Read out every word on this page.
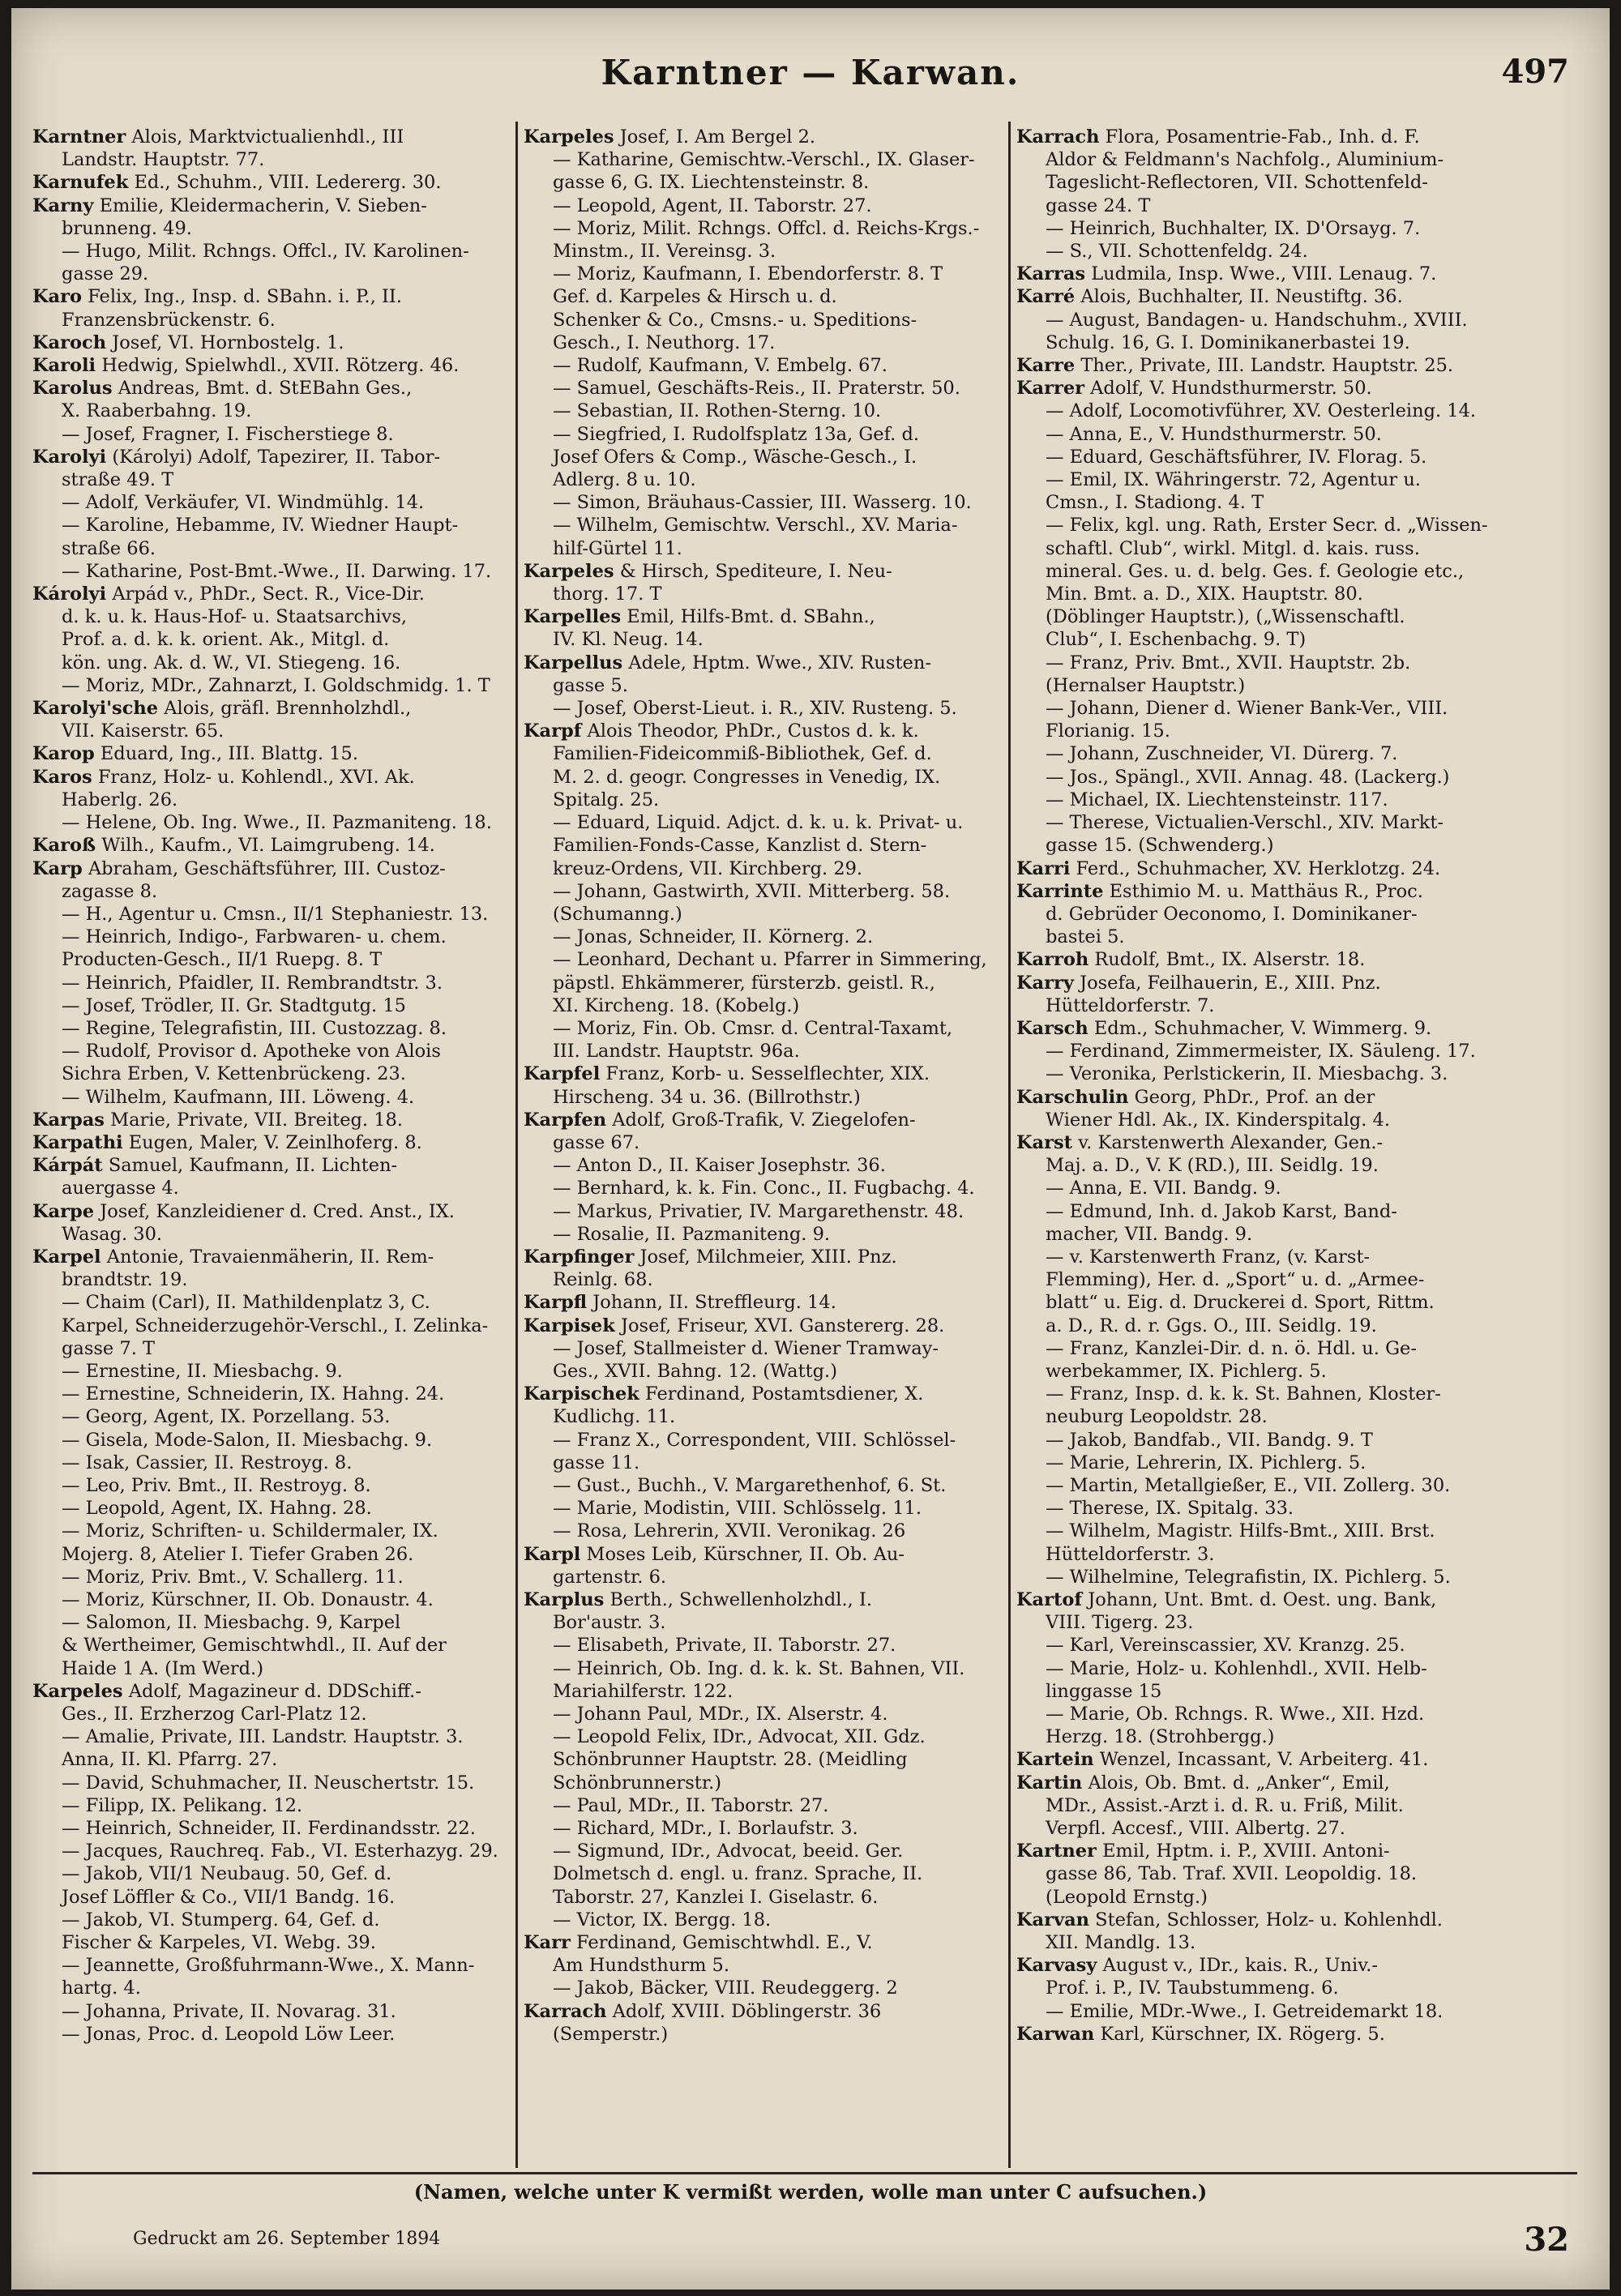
Karntner — Karwan.	497
Karntner Alois, Marktvictualienhdl., III
Landstr. Hauptstr. 77.
Karnufek Ed., Schuhm., VIII. Ledererg. 30.
Karny Emilie, Kleidermacherin, V. Sieben-
brunneng. 49.
— Hugo, Milit. Rchngs. Offcl., IV. Karolinen-
gasse 29.
Karo Felix, Ing., Insp. d. SBahn. i. P., II.
Franzensbrückenstr. 6.
Karoch Josef, VI. Hornbostelg. 1.
Karoli Hedwig, Spielwhdl., XVII. Rötzerg. 46.
Karolus Andreas, Bmt. d. StEBahn Ges.,
X. Raaberbahng. 19.
— Josef, Fragner, I. Fischerstiege 8.
Karolyi (Károlyi) Adolf, Tapezirer, II. Tabor-
straße 49. T
— Adolf, Verkäufer, VI. Windmühlg. 14.
— Karoline, Hebamme, IV. Wiedner Haupt-
straße 66.
— Katharine, Post-Bmt.-Wwe., II. Darwing. 17.
Károlyi Arpád v., PhDr., Sect. R., Vice-Dir.
d. k. u. k. Haus-Hof- u. Staatsarchivs,
Prof. a. d. k. k. orient. Ak., Mitgl. d.
kön. ung. Ak. d. W., VI. Stiegeng. 16.
— Moriz, MDr., Zahnarzt, I. Goldschmidg. 1. T
Karolyi'sche Alois, gräfl. Brennholzhdl.,
VII. Kaiserstr. 65.
Karop Eduard, Ing., III. Blattg. 15.
Karos Franz, Holz- u. Kohlendl., XVI. Ak.
Haberlg. 26.
— Helene, Ob. Ing. Wwe., II. Pazmaniteng. 18.
Karoß Wilh., Kaufm., VI. Laimgrubeng. 14.
Karp Abraham, Geschäftsführer, III. Custoz-
zagasse 8.
— H., Agentur u. Cmsn., II/1 Stephaniestr. 13.
— Heinrich, Indigo-, Farbwaren- u. chem.
Producten-Gesch., II/1 Ruepg. 8. T
— Heinrich, Pfaidler, II. Rembrandtstr. 3.
— Josef, Trödler, II. Gr. Stadtgutg. 15
— Regine, Telegrafistin, III. Custozzag. 8.
— Rudolf, Provisor d. Apotheke von Alois
Sichra Erben, V. Kettenbrückeng. 23.
— Wilhelm, Kaufmann, III. Löweng. 4.
Karpas Marie, Private, VII. Breiteg. 18.
Karpathi Eugen, Maler, V. Zeinlhoferg. 8.
Kárpát Samuel, Kaufmann, II. Lichten-
auergasse 4.
Karpe Josef, Kanzleidiener d. Cred. Anst., IX.
Wasag. 30.
Karpel Antonie, Travaienmäherin, II. Rem-
brandtstr. 19.
— Chaim (Carl), II. Mathildenplatz 3, C.
Karpel, Schneiderzugehör-Verschl., I. Zelinka-
gasse 7. T
— Ernestine, II. Miesbachg. 9.
— Ernestine, Schneiderin, IX. Hahng. 24.
— Georg, Agent, IX. Porzellang. 53.
— Gisela, Mode-Salon, II. Miesbachg. 9.
— Isak, Cassier, II. Restroyg. 8.
— Leo, Priv. Bmt., II. Restroyg. 8.
— Leopold, Agent, IX. Hahng. 28.
— Moriz, Schriften- u. Schildermaler, IX.
Mojerg. 8, Atelier I. Tiefer Graben 26.
— Moriz, Priv. Bmt., V. Schallerg. 11.
— Moriz, Kürschner, II. Ob. Donaustr. 4.
— Salomon, II. Miesbachg. 9, Karpel
& Wertheimer, Gemischtwhdl., II. Auf der
Haide 1 A. (Im Werd.)
Karpeles Adolf, Magazineur d. DDSchiff.-
Ges., II. Erzherzog Carl-Platz 12.
— Amalie, Private, III. Landstr. Hauptstr. 3.
Anna, II. Kl. Pfarrg. 27.
— David, Schuhmacher, II. Neuschertstr. 15.
— Filipp, IX. Pelikang. 12.
— Heinrich, Schneider, II. Ferdinandsstr. 22.
— Jacques, Rauchreq. Fab., VI. Esterhazyg. 29.
— Jakob, VII/1 Neubaug. 50, Gef. d.
Josef Löffler & Co., VII/1 Bandg. 16.
— Jakob, VI. Stumperg. 64, Gef. d.
Fischer & Karpeles, VI. Webg. 39.
— Jeannette, Großfuhrmann-Wwe., X. Mann-
hartg. 4.
— Johanna, Private, II. Novarag. 31.
— Jonas, Proc. d. Leopold Löw Leer.
Karpeles Josef, I. Am Bergel 2.
— Katharine, Gemischtw.-Verschl., IX. Glaser-
gasse 6, G. IX. Liechtensteinstr. 8.
— Leopold, Agent, II. Taborstr. 27.
— Moriz, Milit. Rchngs. Offcl. d. Reichs-Krgs.-
Minstm., II. Vereinsg. 3.
— Moriz, Kaufmann, I. Ebendorferstr. 8. T
Gef. d. Karpeles & Hirsch u. d.
Schenker & Co., Cmsns.- u. Speditions-
Gesch., I. Neuthorg. 17.
— Rudolf, Kaufmann, V. Embelg. 67.
— Samuel, Geschäfts-Reis., II. Praterstr. 50.
— Sebastian, II. Rothen-Sterng. 10.
— Siegfried, I. Rudolfsplatz 13a, Gef. d.
Josef Ofers & Comp., Wäsche-Gesch., I.
Adlerg. 8 u. 10.
— Simon, Bräuhaus-Cassier, III. Wasserg. 10.
— Wilhelm, Gemischtw. Verschl., XV. Maria-
hilf-Gürtel 11.
Karpeles & Hirsch, Spediteure, I. Neu-
thorg. 17. T
Karpelles Emil, Hilfs-Bmt. d. SBahn.,
IV. Kl. Neug. 14.
Karpellus Adele, Hptm. Wwe., XIV. Rusten-
gasse 5.
— Josef, Oberst-Lieut. i. R., XIV. Rusteng. 5.
Karpf Alois Theodor, PhDr., Custos d. k. k.
Familien-Fideicommiß-Bibliothek, Gef. d.
M. 2. d. geogr. Congresses in Venedig, IX.
Spitalg. 25.
— Eduard, Liquid. Adjct. d. k. u. k. Privat- u.
Familien-Fonds-Casse, Kanzlist d. Stern-
kreuz-Ordens, VII. Kirchberg. 29.
— Johann, Gastwirth, XVII. Mitterberg. 58.
(Schumanng.)
— Jonas, Schneider, II. Körnerg. 2.
— Leonhard, Dechant u. Pfarrer in Simmering,
päpstl. Ehkämmerer, fürsterzb. geistl. R.,
XI. Kircheng. 18. (Kobelg.)
— Moriz, Fin. Ob. Cmsr. d. Central-Taxamt,
III. Landstr. Hauptstr. 96a.
Karpfel Franz, Korb- u. Sesselflechter, XIX.
Hirscheng. 34 u. 36. (Billrothstr.)
Karpfen Adolf, Groß-Trafik, V. Ziegelofen-
gasse 67.
— Anton D., II. Kaiser Josephstr. 36.
— Bernhard, k. k. Fin. Conc., II. Fugbachg. 4.
— Markus, Privatier, IV. Margarethenstr. 48.
— Rosalie, II. Pazmaniteng. 9.
Karpfinger Josef, Milchmeier, XIII. Pnz.
Reinlg. 68.
Karpfl Johann, II. Streffleurg. 14.
Karpisek Josef, Friseur, XVI. Ganstererg. 28.
— Josef, Stallmeister d. Wiener Tramway-
Ges., XVII. Bahng. 12. (Wattg.)
Karpischek Ferdinand, Postamtsdiener, X.
Kudlichg. 11.
— Franz X., Correspondent, VIII. Schlössel-
gasse 11.
— Gust., Buchh., V. Margarethenhof, 6. St.
— Marie, Modistin, VIII. Schlösselg. 11.
— Rosa, Lehrerin, XVII. Veronikag. 26
Karpl Moses Leib, Kürschner, II. Ob. Au-
gartenstr. 6.
Karplus Berth., Schwellenholzhdl., I.
Bor'austr. 3.
— Elisabeth, Private, II. Taborstr. 27.
— Heinrich, Ob. Ing. d. k. k. St. Bahnen, VII.
Mariahilferstr. 122.
— Johann Paul, MDr., IX. Alserstr. 4.
— Leopold Felix, IDr., Advocat, XII. Gdz.
Schönbrunner Hauptstr. 28. (Meidling
Schönbrunnerstr.)
— Paul, MDr., II. Taborstr. 27.
— Richard, MDr., I. Borlaufstr. 3.
— Sigmund, IDr., Advocat, beeid. Ger.
Dolmetsch d. engl. u. franz. Sprache, II.
Taborstr. 27, Kanzlei I. Giselastr. 6.
— Victor, IX. Bergg. 18.
Karr Ferdinand, Gemischtwhdl. E., V.
Am Hundsthurm 5.
— Jakob, Bäcker, VIII. Reudeggerg. 2
Karrach Adolf, XVIII. Döblingerstr. 36
(Semperstr.)
Karrach Flora, Posamentrie-Fab., Inh. d. F.
Aldor & Feldmann's Nachfolg., Aluminium-
Tageslicht-Reflectoren, VII. Schottenfeld-
gasse 24. T
— Heinrich, Buchhalter, IX. D'Orsayg. 7.
— S., VII. Schottenfeldg. 24.
Karras Ludmila, Insp. Wwe., VIII. Lenaug. 7.
Karré Alois, Buchhalter, II. Neustiftg. 36.
— August, Bandagen- u. Handschuhm., XVIII.
Schulg. 16, G. I. Dominikanerbastei 19.
Karre Ther., Private, III. Landstr. Hauptstr. 25.
Karrer Adolf, V. Hundsthurmerstr. 50.
— Adolf, Locomotivführer, XV. Oesterleing. 14.
— Anna, E., V. Hundsthurmerstr. 50.
— Eduard, Geschäftsführer, IV. Florag. 5.
— Emil, IX. Währingerstr. 72, Agentur u.
Cmsn., I. Stadiong. 4. T
— Felix, kgl. ung. Rath, Erster Secr. d. „Wissen-
schaftl. Club“, wirkl. Mitgl. d. kais. russ.
mineral. Ges. u. d. belg. Ges. f. Geologie etc.,
Min. Bmt. a. D., XIX. Hauptstr. 80.
(Döblinger Hauptstr.), („Wissenschaftl.
Club“, I. Eschenbachg. 9. T)
— Franz, Priv. Bmt., XVII. Hauptstr. 2b.
(Hernalser Hauptstr.)
— Johann, Diener d. Wiener Bank-Ver., VIII.
Florianig. 15.
— Johann, Zuschneider, VI. Dürerg. 7.
— Jos., Spängl., XVII. Annag. 48. (Lackerg.)
— Michael, IX. Liechtensteinstr. 117.
— Therese, Victualien-Verschl., XIV. Markt-
gasse 15. (Schwenderg.)
Karri Ferd., Schuhmacher, XV. Herklotzg. 24.
Karrinte Esthimio M. u. Matthäus R., Proc.
d. Gebrüder Oeconomo, I. Dominikaner-
bastei 5.
Karroh Rudolf, Bmt., IX. Alserstr. 18.
Karry Josefa, Feilhauerin, E., XIII. Pnz.
Hütteldorferstr. 7.
Karsch Edm., Schuhmacher, V. Wimmerg. 9.
— Ferdinand, Zimmermeister, IX. Säuleng. 17.
— Veronika, Perlstickerin, II. Miesbachg. 3.
Karschulin Georg, PhDr., Prof. an der
Wiener Hdl. Ak., IX. Kinderspitalg. 4.
Karst v. Karstenwerth Alexander, Gen.-
Maj. a. D., V. K (RD.), III. Seidlg. 19.
— Anna, E. VII. Bandg. 9.
— Edmund, Inh. d. Jakob Karst, Band-
macher, VII. Bandg. 9.
— v. Karstenwerth Franz, (v. Karst-
Flemming), Her. d. „Sport“ u. d. „Armee-
blatt“ u. Eig. d. Druckerei d. Sport, Rittm.
a. D., R. d. r. Ggs. O., III. Seidlg. 19.
— Franz, Kanzlei-Dir. d. n. ö. Hdl. u. Ge-
werbekammer, IX. Pichlerg. 5.
— Franz, Insp. d. k. k. St. Bahnen, Kloster-
neuburg Leopoldstr. 28.
— Jakob, Bandfab., VII. Bandg. 9. T
— Marie, Lehrerin, IX. Pichlerg. 5.
— Martin, Metallgießer, E., VII. Zollerg. 30.
— Therese, IX. Spitalg. 33.
— Wilhelm, Magistr. Hilfs-Bmt., XIII. Brst.
Hütteldorferstr. 3.
— Wilhelmine, Telegrafistin, IX. Pichlerg. 5.
Kartof Johann, Unt. Bmt. d. Oest. ung. Bank,
VIII. Tigerg. 23.
— Karl, Vereinscassier, XV. Kranzg. 25.
— Marie, Holz- u. Kohlenhdl., XVII. Helb-
linggasse 15
— Marie, Ob. Rchngs. R. Wwe., XII. Hzd.
Herzg. 18. (Strohbergg.)
Kartein Wenzel, Incassant, V. Arbeiterg. 41.
Kartin Alois, Ob. Bmt. d. „Anker“, Emil,
MDr., Assist.-Arzt i. d. R. u. Friß, Milit.
Verpfl. Accesf., VIII. Albertg. 27.
Kartner Emil, Hptm. i. P., XVIII. Antoni-
gasse 86, Tab. Traf. XVII. Leopoldig. 18.
(Leopold Ernstg.)
Karvan Stefan, Schlosser, Holz- u. Kohlenhdl.
XII. Mandlg. 13.
Karvasy August v., IDr., kais. R., Univ.-
Prof. i. P., IV. Taubstummeng. 6.
— Emilie, MDr.-Wwe., I. Getreidemarkt 18.
Karwan Karl, Kürschner, IX. Rögerg. 5.
(Namen, welche unter K vermißt werden, wolle man unter C aufsuchen.)
Gedruckt am 26. September 1894	32
